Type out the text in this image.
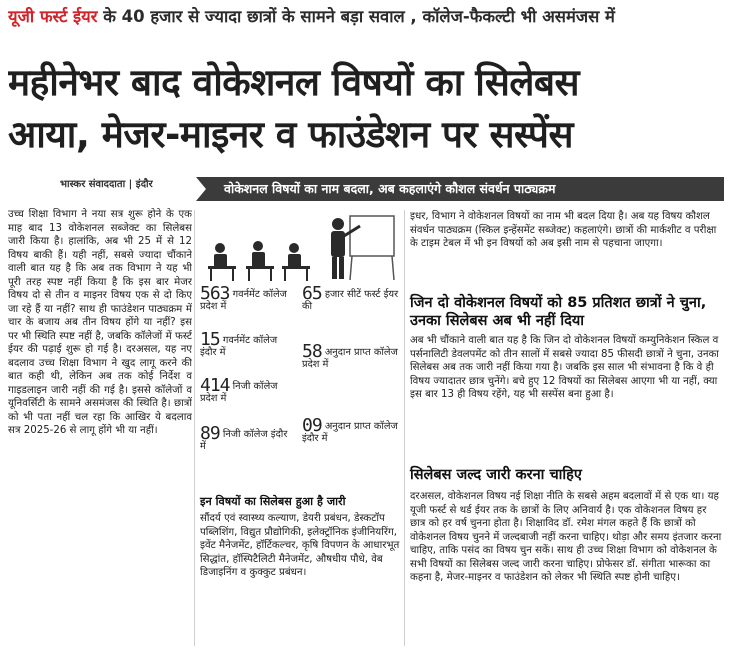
यूजी फर्स्ट ईयर के 40 हजार से ज्यादा छात्रों के सामने बड़ा सवाल , कॉलेज-फैकल्टी भी असमंजस में
महीनेभर बाद वोकेशनल विषयों का सिलेबस
आया, मेजर-माइनर व फाउंडेशन पर सस्पेंस
भास्कर संवाददाता | इंदौर	वोकेशनल विषयों का नाम बदला, अब कहलाएंगे कौशल संवर्धन पाठ्यक्रम
उच्च शिक्षा विभाग ने नया सत्र शुरू होने के एक माह बाद 13 वोकेशनल सब्जेक्ट का सिलेबस जारी किया है। हालांकि, अब भी 25 में से 12 विषय बाकी हैं। यही नहीं, सबसे ज्यादा चौंकाने वाली बात यह है कि अब तक विभाग ने यह भी पूरी तरह स्पष्ट नहीं किया है कि इस बार मेजर विषय दो से तीन व माइनर विषय एक से दो किए जा रहे हैं या नहीं? साथ ही फाउंडेशन पाठ्यक्रम में चार के बजाय अब तीन विषय होंगे या नहीं? इस पर भी स्थिति स्पष्ट नहीं है, जबकि कॉलेजों में फर्स्ट ईयर की पढ़ाई शुरू हो गई है। दरअसल, यह नए बदलाव उच्च शिक्षा विभाग ने खुद लागू करने की बात कही थी, लेकिन अब तक कोई निर्देश व गाइडलाइन जारी नहीं की गई है। इससे कॉलेजों व यूनिवर्सिटी के सामने असमंजस की स्थिति है। छात्रों को भी पता नहीं चल रहा कि आखिर ये बदलाव सत्र 2025-26 से लागू होंगे भी या नहीं।
563 गवर्नमेंट कॉलेज प्रदेश में
65 हजार सीटें फर्स्ट ईयर की
15 गवर्नमेंट कॉलेज इंदौर में	58 अनुदान प्राप्त कॉलेज प्रदेश में
414 निजी कॉलेज प्रदेश में
89 निजी कॉलेज इंदौर में
09 अनुदान प्राप्त कॉलेज इंदौर में
इन विषयों का सिलेबस हुआ है जारी
सौंदर्य एवं स्वास्थ्य कल्याण, डेयरी प्रबंधन, डेस्कटॉप पब्लिशिंग, विद्युत प्रौद्योगिकी, इलेक्ट्रॉनिक इंजीनियरिंग, इवेंट मैनेजमेंट, हॉर्टिकल्चर, कृषि विपणन के आधारभूत सिद्धांत, हॉस्पिटैलिटी मैनेजमेंट, औषधीय पौधे, वेब डिजाइनिंग व कुक्कुट प्रबंधन।
इधर, विभाग ने वोकेशनल विषयों का नाम भी बदल दिया है। अब यह विषय कौशल संवर्धन पाठ्यक्रम (स्किल इन्हेंसमेंट सब्जेक्ट) कहलाएंगे। छात्रों की मार्कशीट व परीक्षा के टाइम टेबल में भी इन विषयों को अब इसी नाम से पहचाना जाएगा।
जिन दो वोकेशनल विषयों को 85 प्रतिशत छात्रों ने चुना, उनका सिलेबस अब भी नहीं दिया
अब भी चौंकाने वाली बात यह है कि जिन दो वोकेशनल विषयों कम्युनिकेशन स्किल व पर्सनालिटी डेवलपमेंट को तीन सालों में सबसे ज्यादा 85 फीसदी छात्रों ने चुना, उनका सिलेबस अब तक जारी नहीं किया गया है। जबकि इस साल भी संभावना है कि वे ही विषय ज्यादातर छात्र चुनेंगे। बचे हुए 12 विषयों का सिलेबस आएगा भी या नहीं, क्या इस बार 13 ही विषय रहेंगे, यह भी सस्पेंस बना हुआ है।
सिलेबस जल्द जारी करना चाहिए
दरअसल, वोकेशनल विषय नई शिक्षा नीति के सबसे अहम बदलावों में से एक था। यह यूजी फर्स्ट से थर्ड ईयर तक के छात्रों के लिए अनिवार्य है। एक वोकेशनल विषय हर छात्र को हर वर्ष चुनना होता है। शिक्षाविद डॉ. रमेश मंगल कहते हैं कि छात्रों को वोकेशनल विषय चुनने में जल्दबाजी नहीं करना चाहिए। थोड़ा और समय इंतजार करना चाहिए, ताकि पसंद का विषय चुन सकें। साथ ही उच्च शिक्षा विभाग को वोकेशनल के सभी विषयों का सिलेबस जल्द जारी करना चाहिए। प्रोफेसर डॉ. संगीता भारूका का कहना है, मेजर-माइनर व फाउंडेशन को लेकर भी स्थिति स्पष्ट होनी चाहिए।
